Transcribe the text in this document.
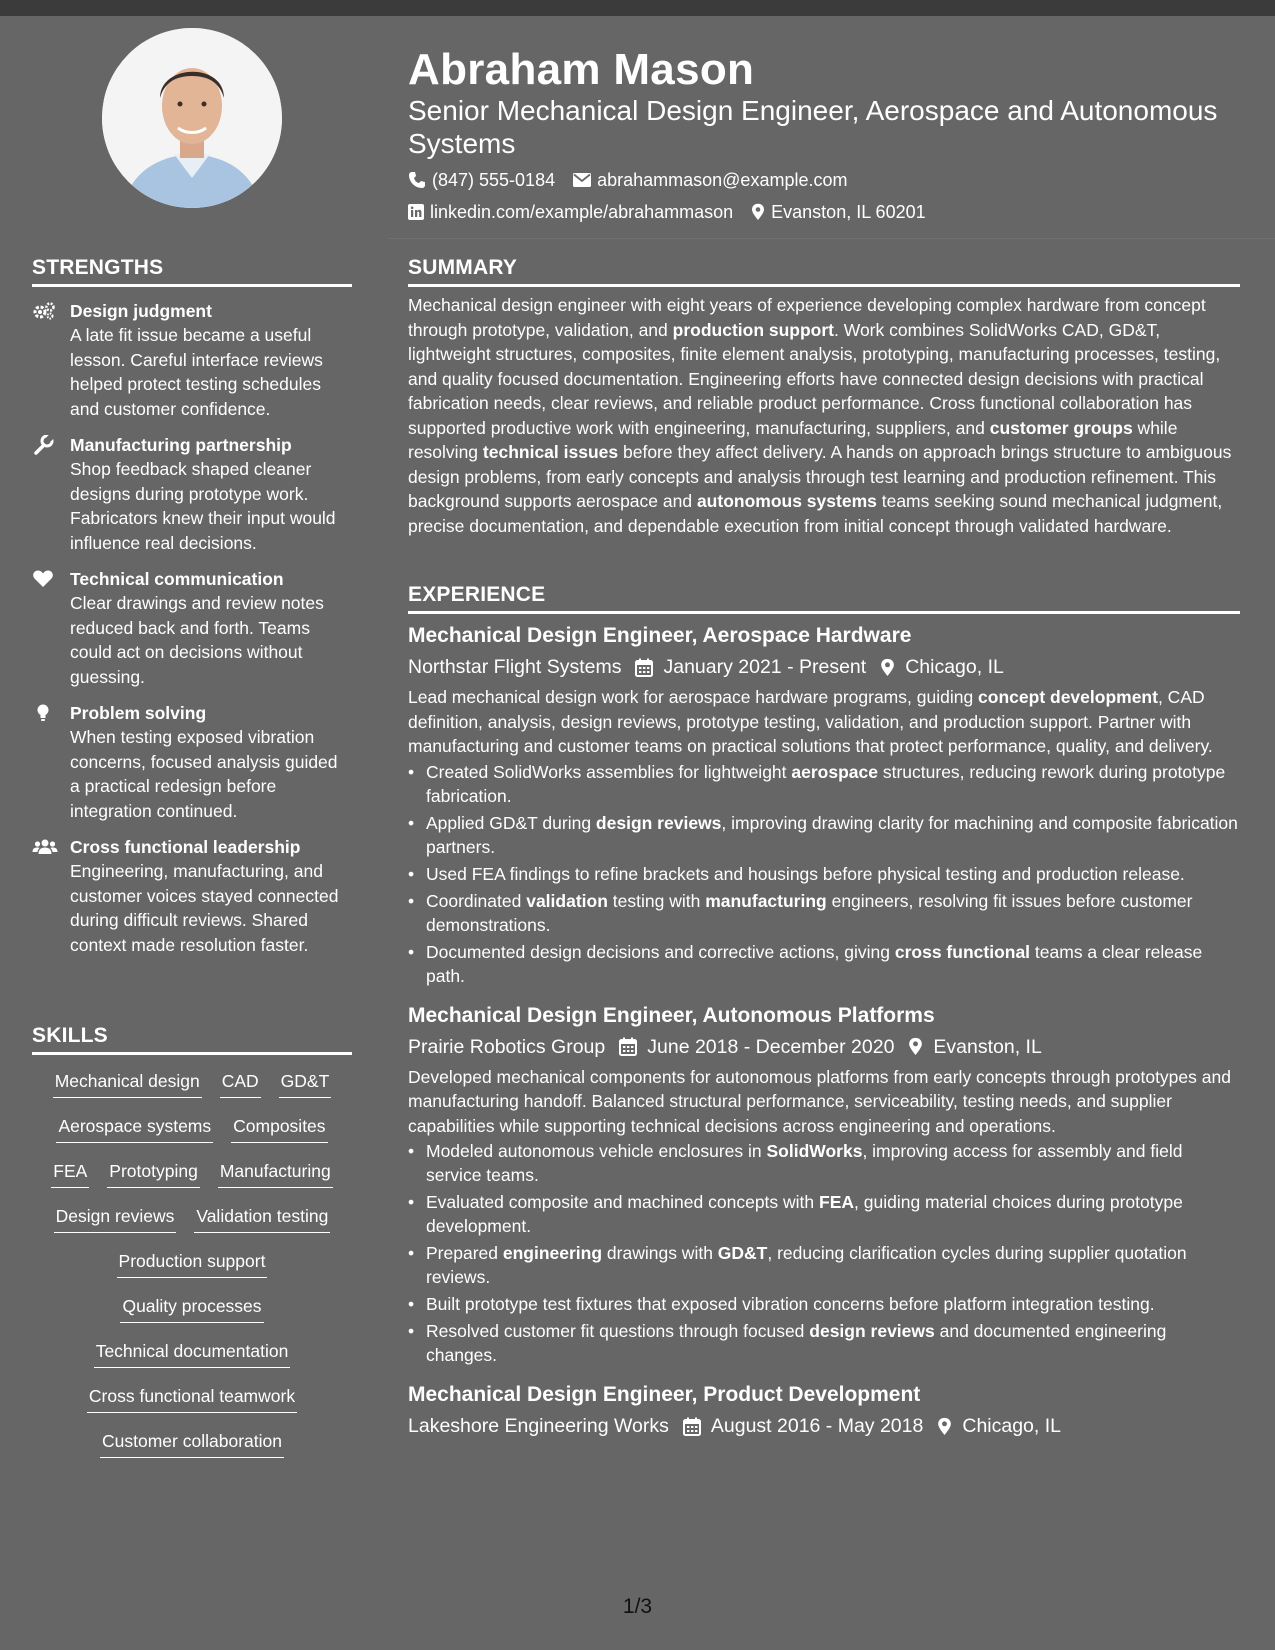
STRENGTHS
Design judgment
A late fit issue became a useful lesson. Careful interface reviews helped protect testing schedules and customer confidence.
Manufacturing partnership
Shop feedback shaped cleaner designs during prototype work. Fabricators knew their input would influence real decisions.
Technical communication
Clear drawings and review notes reduced back and forth. Teams could act on decisions without guessing.
Problem solving
When testing exposed vibration concerns, focused analysis guided a practical redesign before integration continued.
Cross functional leadership
Engineering, manufacturing, and customer voices stayed connected during difficult reviews. Shared context made resolution faster.
SKILLS
Mechanical design CAD GD&T
Aerospace systems Composites
FEA Prototyping Manufacturing
Design reviews Validation testing
Production support
Quality processes
Technical documentation
Cross functional teamwork
Customer collaboration
Abraham Mason
Senior Mechanical Design Engineer, Aerospace and Autonomous Systems
(847) 555-0184 abrahammason@example.com
linkedin.com/example/abrahammason Evanston, IL 60201
SUMMARY
Mechanical design engineer with eight years of experience developing complex hardware from concept through prototype, validation, and production support. Work combines SolidWorks CAD, GD&T, lightweight structures, composites, finite element analysis, prototyping, manufacturing processes, testing, and quality focused documentation. Engineering efforts have connected design decisions with practical fabrication needs, clear reviews, and reliable product performance. Cross functional collaboration has supported productive work with engineering, manufacturing, suppliers, and customer groups while resolving technical issues before they affect delivery. A hands on approach brings structure to ambiguous design problems, from early concepts and analysis through test learning and production refinement. This background supports aerospace and autonomous systems teams seeking sound mechanical judgment, precise documentation, and dependable execution from initial concept through validated hardware.
EXPERIENCE
Mechanical Design Engineer, Aerospace Hardware
Northstar Flight Systems January 2021 - Present Chicago, IL
Lead mechanical design work for aerospace hardware programs, guiding concept development, CAD definition, analysis, design reviews, prototype testing, validation, and production support. Partner with manufacturing and customer teams on practical solutions that protect performance, quality, and delivery.
• Created SolidWorks assemblies for lightweight aerospace structures, reducing rework during prototype fabrication.
• Applied GD&T during design reviews, improving drawing clarity for machining and composite fabrication partners.
• Used FEA findings to refine brackets and housings before physical testing and production release.
• Coordinated validation testing with manufacturing engineers, resolving fit issues before customer demonstrations.
• Documented design decisions and corrective actions, giving cross functional teams a clear release path.
Mechanical Design Engineer, Autonomous Platforms
Prairie Robotics Group June 2018 - December 2020 Evanston, IL
Developed mechanical components for autonomous platforms from early concepts through prototypes and manufacturing handoff. Balanced structural performance, serviceability, testing needs, and supplier capabilities while supporting technical decisions across engineering and operations.
• Modeled autonomous vehicle enclosures in SolidWorks, improving access for assembly and field service teams.
• Evaluated composite and machined concepts with FEA, guiding material choices during prototype development.
• Prepared engineering drawings with GD&T, reducing clarification cycles during supplier quotation reviews.
• Built prototype test fixtures that exposed vibration concerns before platform integration testing.
• Resolved customer fit questions through focused design reviews and documented engineering changes.
Mechanical Design Engineer, Product Development
Lakeshore Engineering Works August 2016 - May 2018 Chicago, IL
1/3
